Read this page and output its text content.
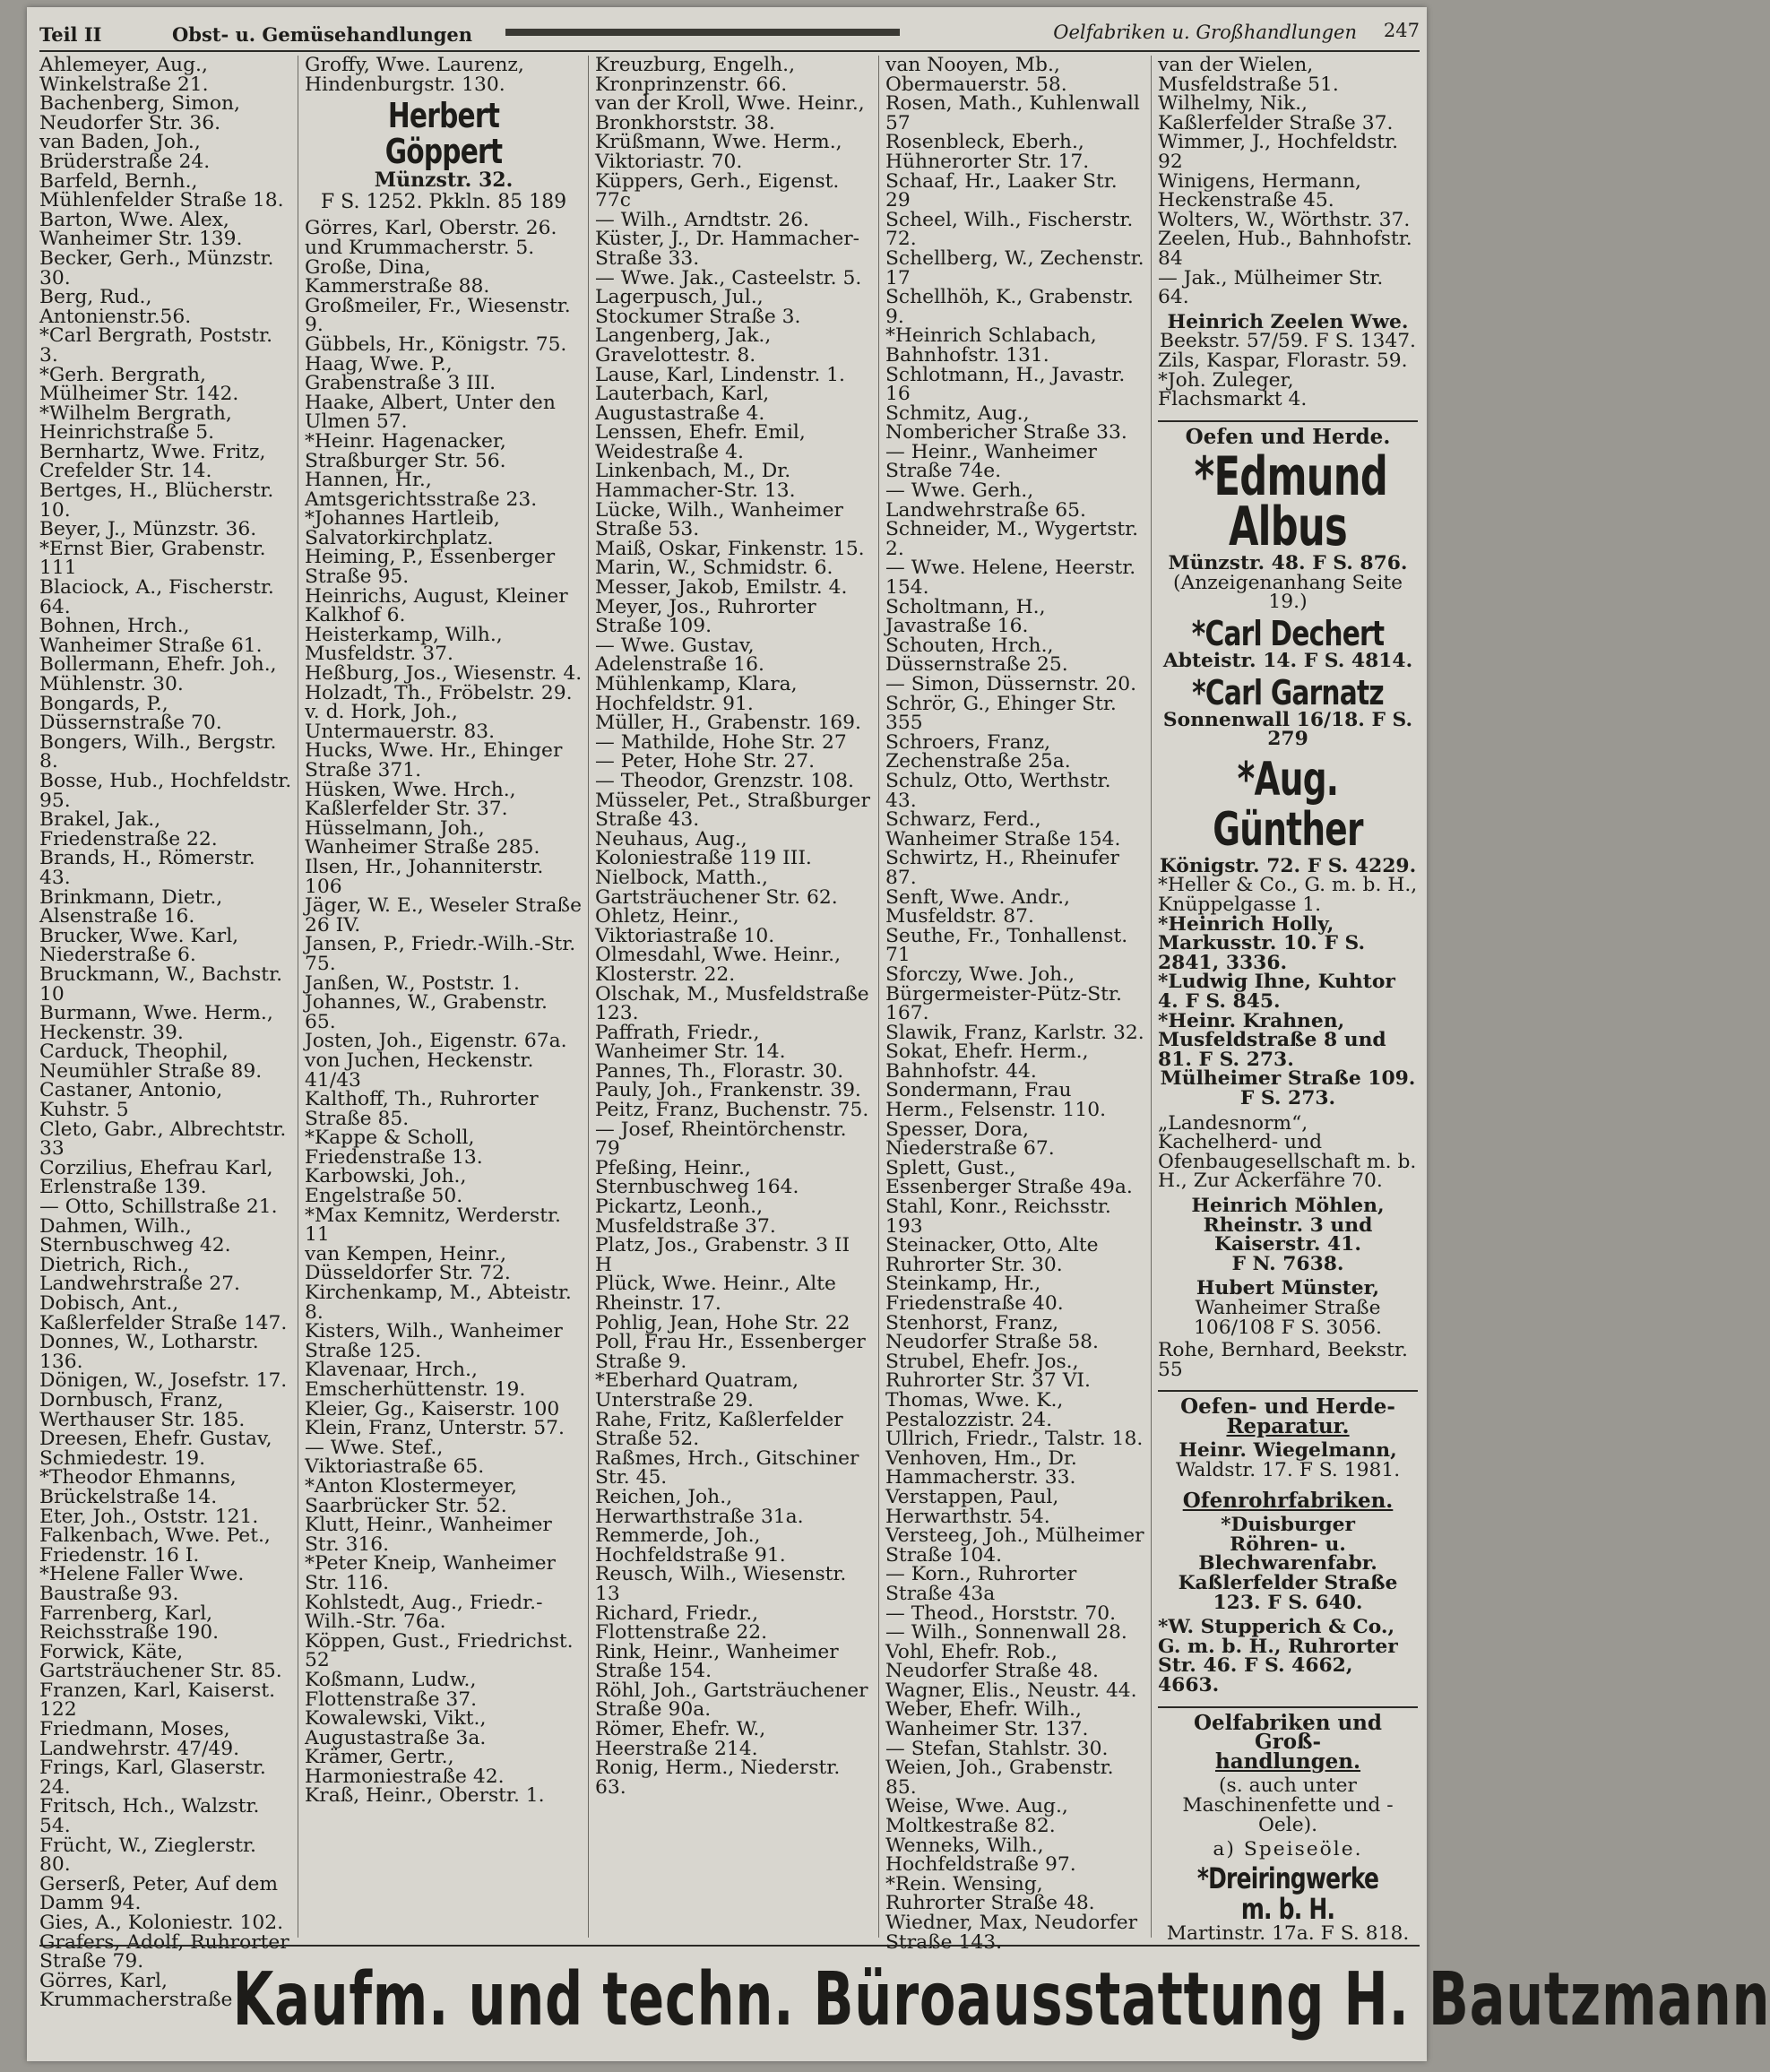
Teil II	Obst- u. Gemüsehandlungen	Oelfabriken u. Großhandlungen 247

Ahlemeyer, Aug., Winkelstraße 21.

Bachenberg, Simon, Neudorfer Str. 36.

van Baden, Joh., Brüderstraße 24.

Barfeld, Bernh., Mühlenfelder Straße 18.

Barton, Wwe. Alex, Wanheimer Str. 139.

Becker, Gerh., Münzstr. 30.

Berg, Rud., Antonienstr.56.

*Carl Bergrath, Poststr. 3.

*Gerh. Bergrath, Mülheimer Str. 142.

*Wilhelm Bergrath, Heinrichstraße 5.

Bernhartz, Wwe. Fritz, Crefelder Str. 14.

Bertges, H., Blücherstr. 10.

Beyer, J., Münzstr. 36.

*Ernst Bier, Grabenstr. 111

Blaciock, A., Fischerstr. 64.

Bohnen, Hrch., Wanheimer Straße 61.

Bollermann, Ehefr. Joh., Mühlenstr. 30.

Bongards, P., Düssernstraße 70.

Bongers, Wilh., Bergstr. 8.

Bosse, Hub., Hochfeldstr. 95.

Brakel, Jak., Friedenstraße 22.

Brands, H., Römerstr. 43.

Brinkmann, Dietr., Alsenstraße 16.

Brucker, Wwe. Karl, Niederstraße 6.

Bruckmann, W., Bachstr. 10

Burmann, Wwe. Herm., Heckenstr. 39.

Carduck, Theophil, Neumühler Straße 89.

Castaner, Antonio, Kuhstr. 5

Cleto, Gabr., Albrechtstr. 33

Corzilius, Ehefrau Karl, Erlenstraße 139.

— Otto, Schillstraße 21.

Dahmen, Wilh., Sternbuschweg 42.

Dietrich, Rich., Landwehrstraße 27.

Dobisch, Ant., Kaßlerfelder Straße 147.

Donnes, W., Lotharstr. 136.

Dönigen, W., Josefstr. 17.

Dornbusch, Franz, Werthauser Str. 185.

Dreesen, Ehefr. Gustav, Schmiedestr. 19.

*Theodor Ehmanns, Brückelstraße 14.

Eter, Joh., Oststr. 121.

Falkenbach, Wwe. Pet., Friedenstr. 16 I.

*Helene Faller Wwe. Baustraße 93.

Farrenberg, Karl, Reichsstraße 190.

Forwick, Käte, Gartsträuchener Str. 85.

Franzen, Karl, Kaiserst. 122

Friedmann, Moses, Landwehrstr. 47/49.

Frings, Karl, Glaserstr. 24.

Fritsch, Hch., Walzstr. 54.

Frücht, W., Zieglerstr. 80.

Gerserß, Peter, Auf dem Damm 94.

Gies, A., Koloniestr. 102.

Grafers, Adolf, Ruhrorter Straße 79.

Görres, Karl, Krummacherstraße 5.

Groffy, Wwe. Laurenz, Hindenburgstr. 130.

Herbert Göppert
Münzstr. 32.
F S. 1252. Pkkln. 85 189

Görres, Karl, Oberstr. 26. und Krummacherstr. 5.

Große, Dina, Kammerstraße 88.

Großmeiler, Fr., Wiesenstr. 9.

Gübbels, Hr., Königstr. 75.

Haag, Wwe. P., Grabenstraße 3 III.

Haake, Albert, Unter den Ulmen 57.

*Heinr. Hagenacker, Straßburger Str. 56.

Hannen, Hr., Amtsgerichtsstraße 23.

*Johannes Hartleib, Salvatorkirchplatz.

Heiming, P., Essenberger Straße 95.

Heinrichs, August, Kleiner Kalkhof 6.

Heisterkamp, Wilh., Musfeldstr. 37.

Heßburg, Jos., Wiesenstr. 4.

Holzadt, Th., Fröbelstr. 29.

v. d. Hork, Joh., Untermauerstr. 83.

Hucks, Wwe. Hr., Ehinger Straße 371.

Hüsken, Wwe. Hrch., Kaßlerfelder Str. 37.

Hüsselmann, Joh., Wanheimer Straße 285.

Ilsen, Hr., Johanniterstr. 106

Jäger, W. E., Weseler Straße 26 IV.

Jansen, P., Friedr.-Wilh.-Str. 75.

Janßen, W., Poststr. 1.

Johannes, W., Grabenstr. 65.

Josten, Joh., Eigenstr. 67a.

von Juchen, Heckenstr. 41/43

Kalthoff, Th., Ruhrorter Straße 85.

*Kappe & Scholl, Friedenstraße 13.

Karbowski, Joh., Engelstraße 50.

*Max Kemnitz, Werderstr. 11

van Kempen, Heinr., Düsseldorfer Str. 72.

Kirchenkamp, M., Abteistr. 8.

Kisters, Wilh., Wanheimer Straße 125.

Klavenaar, Hrch., Emscherhüttenstr. 19.

Kleier, Gg., Kaiserstr. 100

Klein, Franz, Unterstr. 57.

— Wwe. Stef., Viktoriastraße 65.

*Anton Klostermeyer, Saarbrücker Str. 52.

Klutt, Heinr., Wanheimer Str. 316.

*Peter Kneip, Wanheimer Str. 116.

Kohlstedt, Aug., Friedr.-Wilh.-Str. 76a.

Köppen, Gust., Friedrichst. 52

Koßmann, Ludw., Flottenstraße 37.

Kowalewski, Vikt., Augustastraße 3a.

Krämer, Gertr., Harmoniestraße 42.

Kraß, Heinr., Oberstr. 1.

Kreuzburg, Engelh., Kronprinzenstr. 66.

van der Kroll, Wwe. Heinr., Bronkhorststr. 38.

Krüßmann, Wwe. Herm., Viktoriastr. 70.

Küppers, Gerh., Eigenst. 77c

— Wilh., Arndtstr. 26.

Küster, J., Dr. Hammacher-Straße 33.

— Wwe. Jak., Casteelstr. 5.

Lagerpusch, Jul., Stockumer Straße 3.

Langenberg, Jak., Gravelottestr. 8.

Lause, Karl, Lindenstr. 1.

Lauterbach, Karl, Augustastraße 4.

Lenssen, Ehefr. Emil, Weidestraße 4.

Linkenbach, M., Dr. Hammacher-Str. 13.

Lücke, Wilh., Wanheimer Straße 53.

Maiß, Oskar, Finkenstr. 15.

Marin, W., Schmidstr. 6.

Messer, Jakob, Emilstr. 4.

Meyer, Jos., Ruhrorter Straße 109.

— Wwe. Gustav, Adelenstraße 16.

Mühlenkamp, Klara, Hochfeldstr. 91.

Müller, H., Grabenstr. 169.

— Mathilde, Hohe Str. 27

— Peter, Hohe Str. 27.

— Theodor, Grenzstr. 108.

Müsseler, Pet., Straßburger Straße 43.

Neuhaus, Aug., Koloniestraße 119 III.

Nielbock, Matth., Gartsträuchener Str. 62.

Ohletz, Heinr., Viktoriastraße 10.

Olmesdahl, Wwe. Heinr., Klosterstr. 22.

Olschak, M., Musfeldstraße 123.

Paffrath, Friedr., Wanheimer Str. 14.

Pannes, Th., Florastr. 30.

Pauly, Joh., Frankenstr. 39.

Peitz, Franz, Buchenstr. 75.

— Josef, Rheintörchenstr. 79

Pfeßing, Heinr., Sternbuschweg 164.

Pickartz, Leonh., Musfeldstraße 37.

Platz, Jos., Grabenstr. 3 II H

Plück, Wwe. Heinr., Alte Rheinstr. 17.

Pohlig, Jean, Hohe Str. 22

Poll, Frau Hr., Essenberger Straße 9.

*Eberhard Quatram, Unterstraße 29.

Rahe, Fritz, Kaßlerfelder Straße 52.

Raßmes, Hrch., Gitschiner Str. 45.

Reichen, Joh., Herwarthstraße 31a.

Remmerde, Joh., Hochfeldstraße 91.

Reusch, Wilh., Wiesenstr. 13

Richard, Friedr., Flottenstraße 22.

Rink, Heinr., Wanheimer Straße 154.

Röhl, Joh., Gartsträuchener Straße 90a.

Römer, Ehefr. W., Heerstraße 214.

Ronig, Herm., Niederstr. 63.

van Nooyen, Mb., Obermauerstr. 58.

Rosen, Math., Kuhlenwall 57

Rosenbleck, Eberh., Hühnerorter Str. 17.

Schaaf, Hr., Laaker Str. 29

Scheel, Wilh., Fischerstr. 72.

Schellberg, W., Zechenstr. 17

Schellhöh, K., Grabenstr. 9.

*Heinrich Schlabach, Bahnhofstr. 131.

Schlotmann, H., Javastr. 16

Schmitz, Aug., Nombericher Straße 33.

— Heinr., Wanheimer Straße 74e.

— Wwe. Gerh., Landwehrstraße 65.

Schneider, M., Wygertstr. 2.

— Wwe. Helene, Heerstr. 154.

Scholtmann, H., Javastraße 16.

Schouten, Hrch., Düssernstraße 25.

— Simon, Düssernstr. 20.

Schrör, G., Ehinger Str. 355

Schroers, Franz, Zechenstraße 25a.

Schulz, Otto, Werthstr. 43.

Schwarz, Ferd., Wanheimer Straße 154.

Schwirtz, H., Rheinufer 87.

Senft, Wwe. Andr., Musfeldstr. 87.

Seuthe, Fr., Tonhallenst. 71

Sforczy, Wwe. Joh., Bürgermeister-Pütz-Str. 167.

Slawik, Franz, Karlstr. 32.

Sokat, Ehefr. Herm., Bahnhofstr. 44.

Sondermann, Frau Herm., Felsenstr. 110.

Spesser, Dora, Niederstraße 67.

Splett, Gust., Essenberger Straße 49a.

Stahl, Konr., Reichsstr. 193

Steinacker, Otto, Alte Ruhrorter Str. 30.

Steinkamp, Hr., Friedenstraße 40.

Stenhorst, Franz, Neudorfer Straße 58.

Strubel, Ehefr. Jos., Ruhrorter Str. 37 VI.

Thomas, Wwe. K., Pestalozzistr. 24.

Ullrich, Friedr., Talstr. 18.

Venhoven, Hm., Dr. Hammacherstr. 33.

Verstappen, Paul, Herwarthstr. 54.

Versteeg, Joh., Mülheimer Straße 104.

— Korn., Ruhrorter Straße 43a

— Theod., Horststr. 70.

— Wilh., Sonnenwall 28.

Vohl, Ehefr. Rob., Neudorfer Straße 48.

Wagner, Elis., Neustr. 44.

Weber, Ehefr. Wilh., Wanheimer Str. 137.

— Stefan, Stahlstr. 30.

Weien, Joh., Grabenstr. 85.

Weise, Wwe. Aug., Moltkestraße 82.

Wenneks, Wilh., Hochfeldstraße 97.

*Rein. Wensing, Ruhrorter Straße 48.

Wiedner, Max, Neudorfer Straße 143.

van der Wielen, Musfeldstraße 51.

Wilhelmy, Nik., Kaßlerfelder Straße 37.

Wimmer, J., Hochfeldstr. 92

Winigens, Hermann, Heckenstraße 45.

Wolters, W., Wörthstr. 37.

Zeelen, Hub., Bahnhofstr. 84

— Jak., Mülheimer Str. 64.

Heinrich Zeelen Wwe.

Beekstr. 57/59. F S. 1347.

Zils, Kaspar, Florastr. 59.

*Joh. Zuleger, Flachsmarkt 4.

Oefen und Herde.
*Edmund Albus

Münzstr. 48. F S. 876.

(Anzeigenanhang Seite 19.)

*Carl Dechert

Abteistr. 14. F S. 4814.

*Carl Garnatz

Sonnenwall 16/18. F S. 279

*Aug. Günther

Königstr. 72. F S. 4229.

*Heller & Co., G. m. b. H., Knüppelgasse 1.

*Heinrich Holly, Markusstr. 10. F S. 2841, 3336.

*Ludwig Ihne, Kuhtor 4. F S. 845.

*Heinr. Krahnen, Musfeldstraße 8 und 81. F S. 273.

Mülheimer Straße 109. F S. 273.

„Landesnorm“, Kachelherd- und Ofenbaugesellschaft m. b. H., Zur Ackerfähre 70.

Heinrich Möhlen, Rheinstr. 3 und Kaiserstr. 41.

F N. 7638.

Hubert Münster,

Wanheimer Straße 106/108 F S. 3056.

Rohe, Bernhard, Beekstr. 55

Oefen- und Herde-
Reparatur.

Heinr. Wiegelmann,

Waldstr. 17. F S. 1981.

Ofenrohrfabriken.

*Duisburger

Röhren- u. Blechwarenfabr.

Kaßlerfelder Straße 123. F S. 640.

*W. Stupperich & Co., G. m. b. H., Ruhrorter Str. 46. F S. 4662, 4663.

Oelfabriken und Groß-
handlungen.

(s. auch unter Maschinenfette und -Oele).

a) Speiseöle.

*Dreiringwerke
m. b. H.

Martinstr. 17a. F S. 818.

Kaufm. und techn. Büroausstattung H. Bautzmann
